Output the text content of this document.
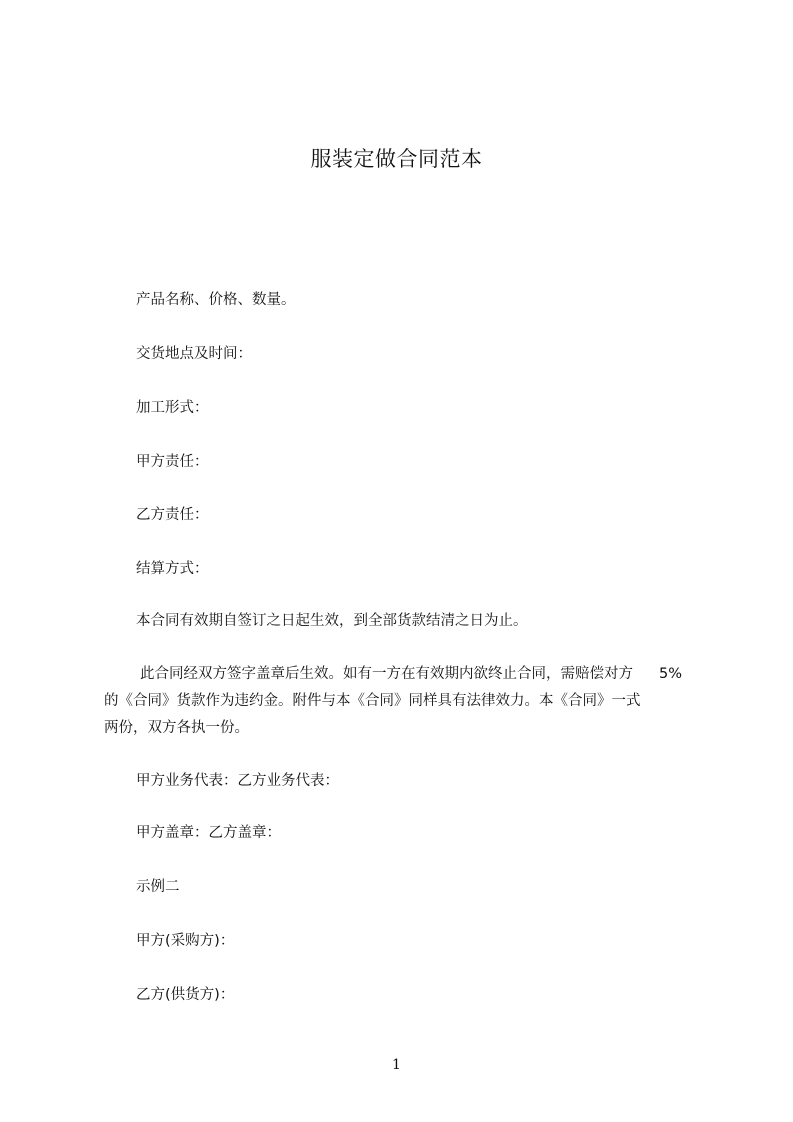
服装定做合同范本
产品名称、价格、数量。
交货地点及时间：
加工形式：
甲方责任：
乙方责任：
结算方式：
本合同有效期自签订之日起生效，到全部货款结清之日为止。
此合同经双方签字盖章后生效。如有一方在有效期内欲终止合同，需赔偿对方 5%
的《合同》货款作为违约金。附件与本《合同》同样具有法律效力。本《合同》一式
两份，双方各执一份。
甲方业务代表：乙方业务代表：
甲方盖章：乙方盖章：
示例二
甲方(采购方)：
乙方(供货方)：
1
